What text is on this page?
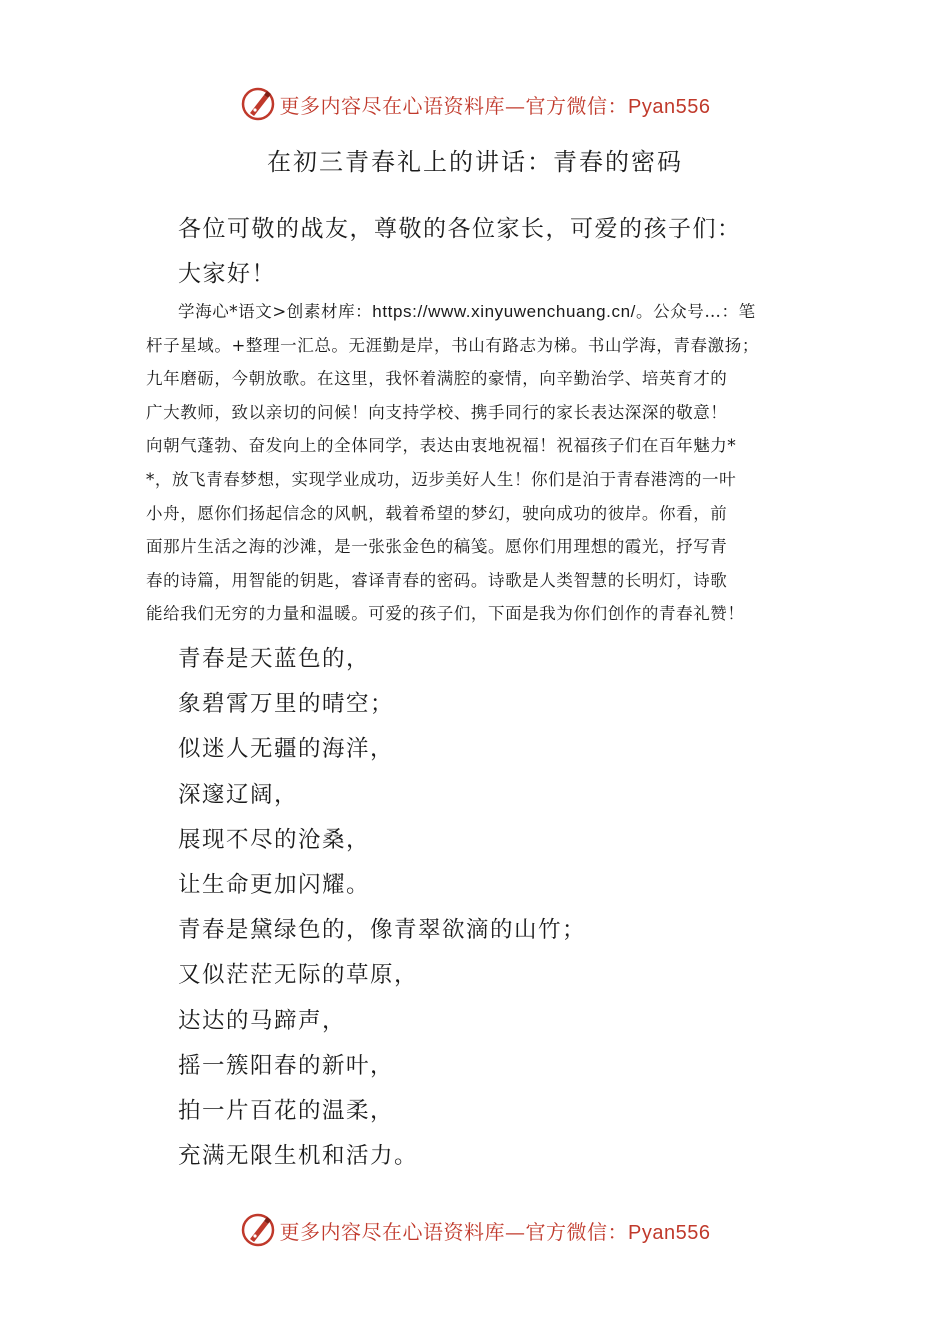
更多内容尽在心语资料库—官方微信：Pyan556
在初三青春礼上的讲话：青春的密码
各位可敬的战友，尊敬的各位家长，可爱的孩子们：
大家好！
学海心*语文>创素材库：https://www.xinyuwenchuang.cn/。公众号…：笔
杆子星域。+整理一汇总。无涯勤是岸，书山有路志为梯。书山学海，青春激扬；
九年磨砺，今朝放歌。在这里，我怀着满腔的豪情，向辛勤治学、培英育才的
广大教师，致以亲切的问候！向支持学校、携手同行的家长表达深深的敬意！
向朝气蓬勃、奋发向上的全体同学，表达由衷地祝福！祝福孩子们在百年魅力*
*，放飞青春梦想，实现学业成功，迈步美好人生！你们是泊于青春港湾的一叶
小舟，愿你们扬起信念的风帆，载着希望的梦幻，驶向成功的彼岸。你看，前
面那片生活之海的沙滩，是一张张金色的稿笺。愿你们用理想的霞光，抒写青
春的诗篇，用智能的钥匙，睿译青春的密码。诗歌是人类智慧的长明灯，诗歌
能给我们无穷的力量和温暖。可爱的孩子们，下面是我为你们创作的青春礼赞！
青春是天蓝色的，
象碧霄万里的晴空；
似迷人无疆的海洋，
深邃辽阔，
展现不尽的沧桑，
让生命更加闪耀。
青春是黛绿色的，像青翠欲滴的山竹；
又似茫茫无际的草原，
达达的马蹄声，
摇一簇阳春的新叶，
拍一片百花的温柔，
充满无限生机和活力。
更多内容尽在心语资料库—官方微信：Pyan556
